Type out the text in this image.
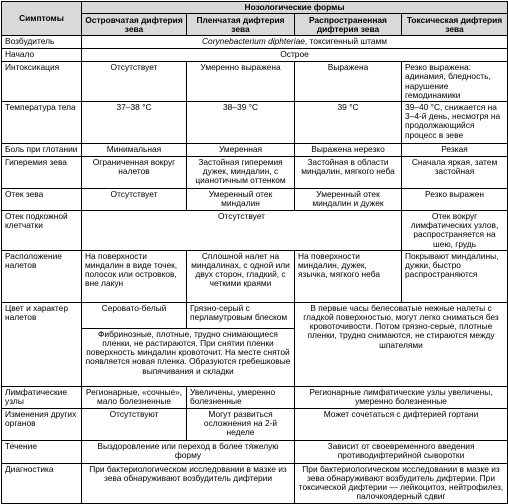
Симптомы	Нозологические формы			
	Островчатая дифтерия зева	Пленчатая дифтерия зева	Распространенная дифтерия зева	Токсическая дифтерия зева
Возбудитель	Corynebacterium diphteriae, токсигенный штамм			
Начало	Острое			
Интоксикация	Отсутствует	Умеренно выражена	Выражена	Резко выражена: адинамия, бледность, нарушение гемодинамики
Температура тела	37–38 °С	38–39 °С	39 °С	39–40 °С, снижается на 3–4-й день, несмотря на продолжающийся процесс в зеве
Боль при глотании	Минимальная	Умеренная	Выражена нерезко	Резкая
Гиперемия зева	Ограниченная вокруг налетов	Застойная гиперемия дужек, миндалин, с цианотичным оттенком	Застойная в области миндалин, мягкого неба	Сначала яркая, затем застойная
Отек зева	Отсутствует	Умеренный отек миндалин	Умеренный отек миндалин и дужек	Резко выражен
Отек подкожной клетчатки	Отсутствует			Отек вокруг лимфатических узлов, распространяется на шею, грудь
Расположение налетов	На поверхности миндалин в виде точек, полосок или островков, вне лакун	Сплошной налет на миндалинах, с одной или двух сторон, гладкий, с четкими краями	На поверхности миндалин, дужек, язычка, мягкого неба	Покрывают миндалины, дужки, быстро распространяются
Цвет и характер налетов	Серовато-белый	Грязно-серый с перламутровым блеском	В первые часы белесоватые нежные налеты с гладкой поверхностью, могут легко сниматься без кровоточивости. Потом грязно-серые, плотные пленки, трудно снимаются, не стираются между шпателями	
	Фибринозные, плотные, трудно снимающиеся пленки, не растираются. При снятии пленки поверхность миндалин кровоточит. На месте снятой появляется новая пленка. Образуются гребешковые выпячивания и складки			
Лимфатические узлы	Регионарные, «сочные», мало болезненные	Увеличены, умеренно болезненные	Регионарные лимфатические узлы увеличены, умеренно болезненные	
Изменения других органов	Отсутствуют	Могут развиться осложнения на 2-й неделе	Может сочетаться с дифтерией гортани	
Течение	Выздоровление или переход в более тяжелую форму		Зависит от своевременного введения противодифтерийной сыворотки	
Диагностика	При бактериологическом исследовании в мазке из зева обнаруживают возбудитель дифтерии		При бактериологическом исследовании в мазке из зева обнаруживают возбудитель дифтерии. При токсической дифтерии — лейкоцитоз, нейтрофилез, палочкоядерный сдвиг	
